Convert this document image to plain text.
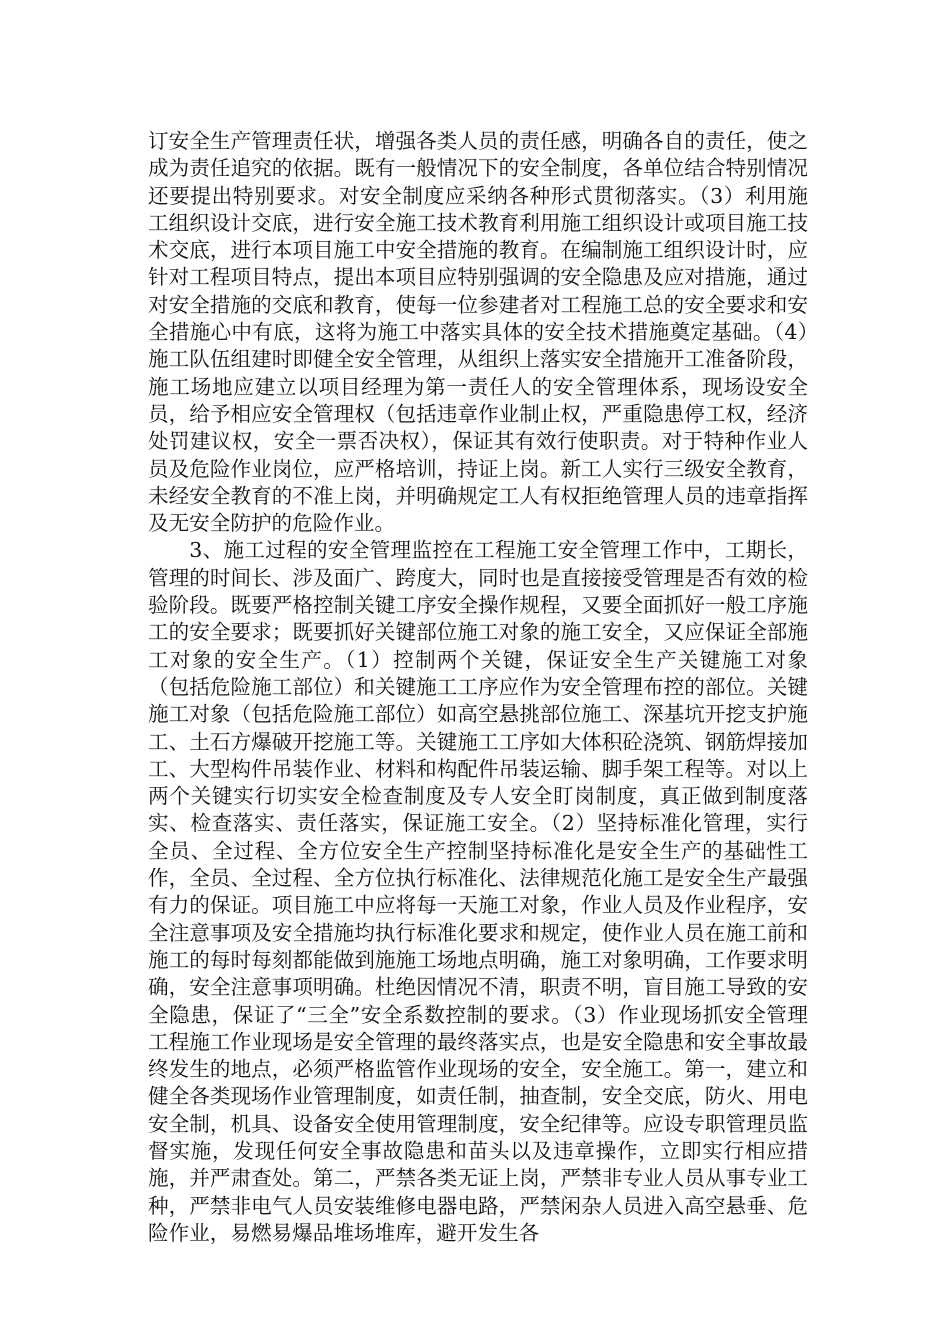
订安全生产管理责任状，增强各类人员的责任感，明确各自的责任，使之成为责任追究的依据。既有一般情况下的安全制度，各单位结合特别情况还要提出特别要求。对安全制度应采纳各种形式贯彻落实。（3）利用施工组织设计交底，进行安全施工技术教育利用施工组织设计或项目施工技术交底，进行本项目施工中安全措施的教育。在编制施工组织设计时，应针对工程项目特点，提出本项目应特别强调的安全隐患及应对措施，通过对安全措施的交底和教育，使每一位参建者对工程施工总的安全要求和安全措施心中有底，这将为施工中落实具体的安全技术措施奠定基础。（4）施工队伍组建时即健全安全管理，从组织上落实安全措施开工准备阶段，施工场地应建立以项目经理为第一责任人的安全管理体系，现场设安全员，给予相应安全管理权（包括违章作业制止权，严重隐患停工权，经济处罚建议权，安全一票否决权），保证其有效行使职责。对于特种作业人员及危险作业岗位，应严格培训，持证上岗。新工人实行三级安全教育，未经安全教育的不准上岗，并明确规定工人有权拒绝管理人员的违章指挥及无安全防护的危险作业。

3、施工过程的安全管理监控在工程施工安全管理工作中，工期长，管理的时间长、涉及面广、跨度大，同时也是直接接受管理是否有效的检验阶段。既要严格控制关键工序安全操作规程，又要全面抓好一般工序施工的安全要求；既要抓好关键部位施工对象的施工安全，又应保证全部施工对象的安全生产。（1）控制两个关键，保证安全生产关键施工对象（包括危险施工部位）和关键施工工序应作为安全管理布控的部位。关键施工对象（包括危险施工部位）如高空悬挑部位施工、深基坑开挖支护施工、土石方爆破开挖施工等。关键施工工序如大体积砼浇筑、钢筋焊接加工、大型构件吊装作业、材料和构配件吊装运输、脚手架工程等。对以上两个关键实行切实安全检查制度及专人安全盯岗制度，真正做到制度落实、检查落实、责任落实，保证施工安全。（2）坚持标准化管理，实行全员、全过程、全方位安全生产控制坚持标准化是安全生产的基础性工作，全员、全过程、全方位执行标准化、法律规范化施工是安全生产最强有力的保证。项目施工中应将每一天施工对象，作业人员及作业程序，安全注意事项及安全措施均执行标准化要求和规定，使作业人员在施工前和施工的每时每刻都能做到施施工场地点明确，施工对象明确，工作要求明确，安全注意事项明确。杜绝因情况不清，职责不明，盲目施工导致的安全隐患，保证了“三全”安全系数控制的要求。（3）作业现场抓安全管理 工程施工作业现场是安全管理的最终落实点，也是安全隐患和安全事故最终发生的地点，必须严格监管作业现场的安全，安全施工。第一，建立和健全各类现场作业管理制度，如责任制，抽查制，安全交底，防火、用电安全制，机具、设备安全使用管理制度，安全纪律等。应设专职管理员监督实施，发现任何安全事故隐患和苗头以及违章操作，立即实行相应措施，并严肃查处。第二，严禁各类无证上岗，严禁非专业人员从事专业工种，严禁非电气人员安装维修电器电路，严禁闲杂人员进入高空悬垂、危险作业，易燃易爆品堆场堆库，避开发生各
